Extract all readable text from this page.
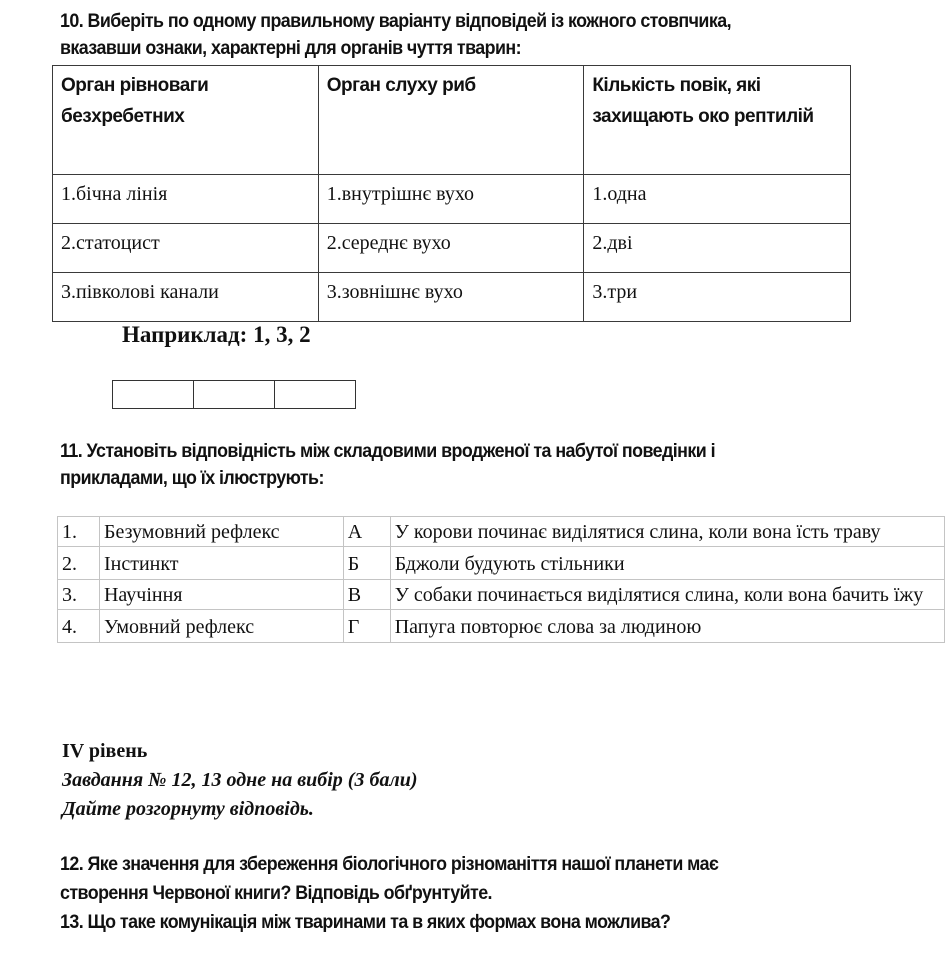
10. Виберіть по одному правильному варіанту відповідей із кожного стовпчика,
вказавши ознаки, характерні для органів чуття тварин:
Орган рівноваги безхребетних	Орган слуху риб	Кількість повік, які захищають око рептилій
1.бічна лінія	1.внутрішнє вухо	1.одна
2.статоцист	2.середнє вухо	2.дві
3.півколові канали	3.зовнішнє вухо	3.три
Наприклад: 1, 3, 2
11. Установіть відповідність між складовими вродженої та набутої поведінки і
прикладами, що їх ілюструють:
1.	Безумовний рефлекс	А	У корови починає виділятися слина, коли вона їсть траву
2.	Інстинкт	Б	Бджоли будують стільники
3.	Научіння	В	У собаки починається виділятися слина, коли вона бачить їжу
4.	Умовний рефлекс	Г	Папуга повторює слова за людиною
IV рівень
Завдання № 12, 13 одне на вибір (3 бали)
Дайте розгорнуту відповідь.
12. Яке значення для збереження біологічного різноманіття нашої планети має
створення Червоної книги? Відповідь обґрунтуйте.
13. Що таке комунікація між тваринами та в яких формах вона можлива?
